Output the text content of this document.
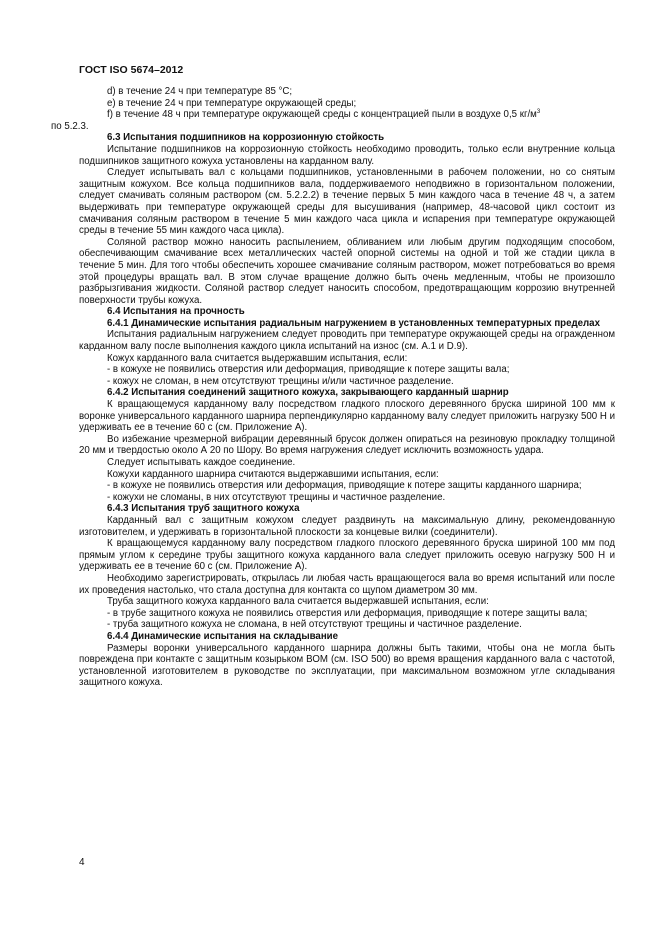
ГОСТ ISO 5674–2012

d) в течение 24 ч при температуре 85 °С;

е) в течение 24 ч при температуре окружающей среды;

f) в течение 48 ч при температуре окружающей среды с концентрацией пыли в воздухе 0,5 $кг/м^3$
по 5.2.3.

6.3 Испытания подшипников на коррозионную стойкость

Испытание подшипников на коррозионную стойкость необходимо проводить, только если внутренние кольца подшипников защитного кожуха установлены на карданном валу.

Следует испытывать вал с кольцами подшипников, установленными в рабочем положении, но со снятым защитным кожухом. Все кольца подшипников вала, поддерживаемого неподвижно в горизонтальном положении, следует смачивать соляным раствором (см. 5.2.2.2) в течение первых 5 мин каждого часа в течение 48 ч, а затем выдерживать при температуре окружающей среды для высушивания (например, 48-часовой цикл состоит из смачивания соляным раствором в течение 5 мин каждого часа цикла и испарения при температуре окружающей среды в течение 55 мин каждого часа цикла).

Соляной раствор можно наносить распылением, обливанием или любым другим подходящим способом, обеспечивающим смачивание всех металлических частей опорной системы на одной и той же стадии цикла в течение 5 мин. Для того чтобы обеспечить хорошее смачивание соляным раствором, может потребоваться во время этой процедуры вращать вал. В этом случае вращение должно быть очень медленным, чтобы не произошло разбрызгивания жидкости. Соляной раствор следует наносить способом, предотвращающим коррозию внутренней поверхности трубы кожуха.

6.4 Испытания на прочность

6.4.1 Динамические испытания радиальным нагружением в установленных температурных пределах

Испытания радиальным нагружением следует проводить при температуре окружающей среды на огражденном карданном валу после выполнения каждого цикла испытаний на износ (см. А.1 и D.9).

Кожух карданного вала считается выдержавшим испытания, если:

- в кожухе не появились отверстия или деформация, приводящие к потере защиты вала;

- кожух не сломан, в нем отсутствуют трещины и/или частичное разделение.

6.4.2 Испытания соединений защитного кожуха, закрывающего карданный шарнир

К вращающемуся карданному валу посредством гладкого плоского деревянного бруска шириной 100 мм к воронке универсального карданного шарнира перпендикулярно карданному валу следует приложить нагрузку 500 Н и удерживать ее в течение 60 с (см. Приложение А).

Во избежание чрезмерной вибрации деревянный брусок должен опираться на резиновую прокладку толщиной 20 мм и твердостью около А 20 по Шору. Во время нагружения следует исключить возможность удара.

Следует испытывать каждое соединение.

Кожухи карданного шарнира считаются выдержавшими испытания, если:

- в кожухе не появились отверстия или деформация, приводящие к потере защиты карданного шарнира;

- кожухи не сломаны, в них отсутствуют трещины и частичное разделение.

6.4.3 Испытания труб защитного кожуха

Карданный вал с защитным кожухом следует раздвинуть на максимальную длину, рекомендованную изготовителем, и удерживать в горизонтальной плоскости за концевые вилки (соединители).

К вращающемуся карданному валу посредством гладкого плоского деревянного бруска шириной 100 мм под прямым углом к середине трубы защитного кожуха карданного вала следует приложить осевую нагрузку 500 Н и удерживать ее в течение 60 с (см. Приложение А).

Необходимо зарегистрировать, открылась ли любая часть вращающегося вала во время испытаний или после их проведения настолько, что стала доступна для контакта со щупом диаметром 30 мм.

Труба защитного кожуха карданного вала считается выдержавшей испытания, если:

- в трубе защитного кожуха не появились отверстия или деформация, приводящие к потере защиты вала;

- труба защитного кожуха не сломана, в ней отсутствуют трещины и частичное разделение.

6.4.4 Динамические испытания на складывание

Размеры воронки универсального карданного шарнира должны быть такими, чтобы она не могла быть повреждена при контакте с защитным козырьком ВОМ (см. ISO 500) во время вращения карданного вала с частотой, установленной изготовителем в руководстве по эксплуатации, при максимальном возможном угле складывания защитного кожуха.

4
